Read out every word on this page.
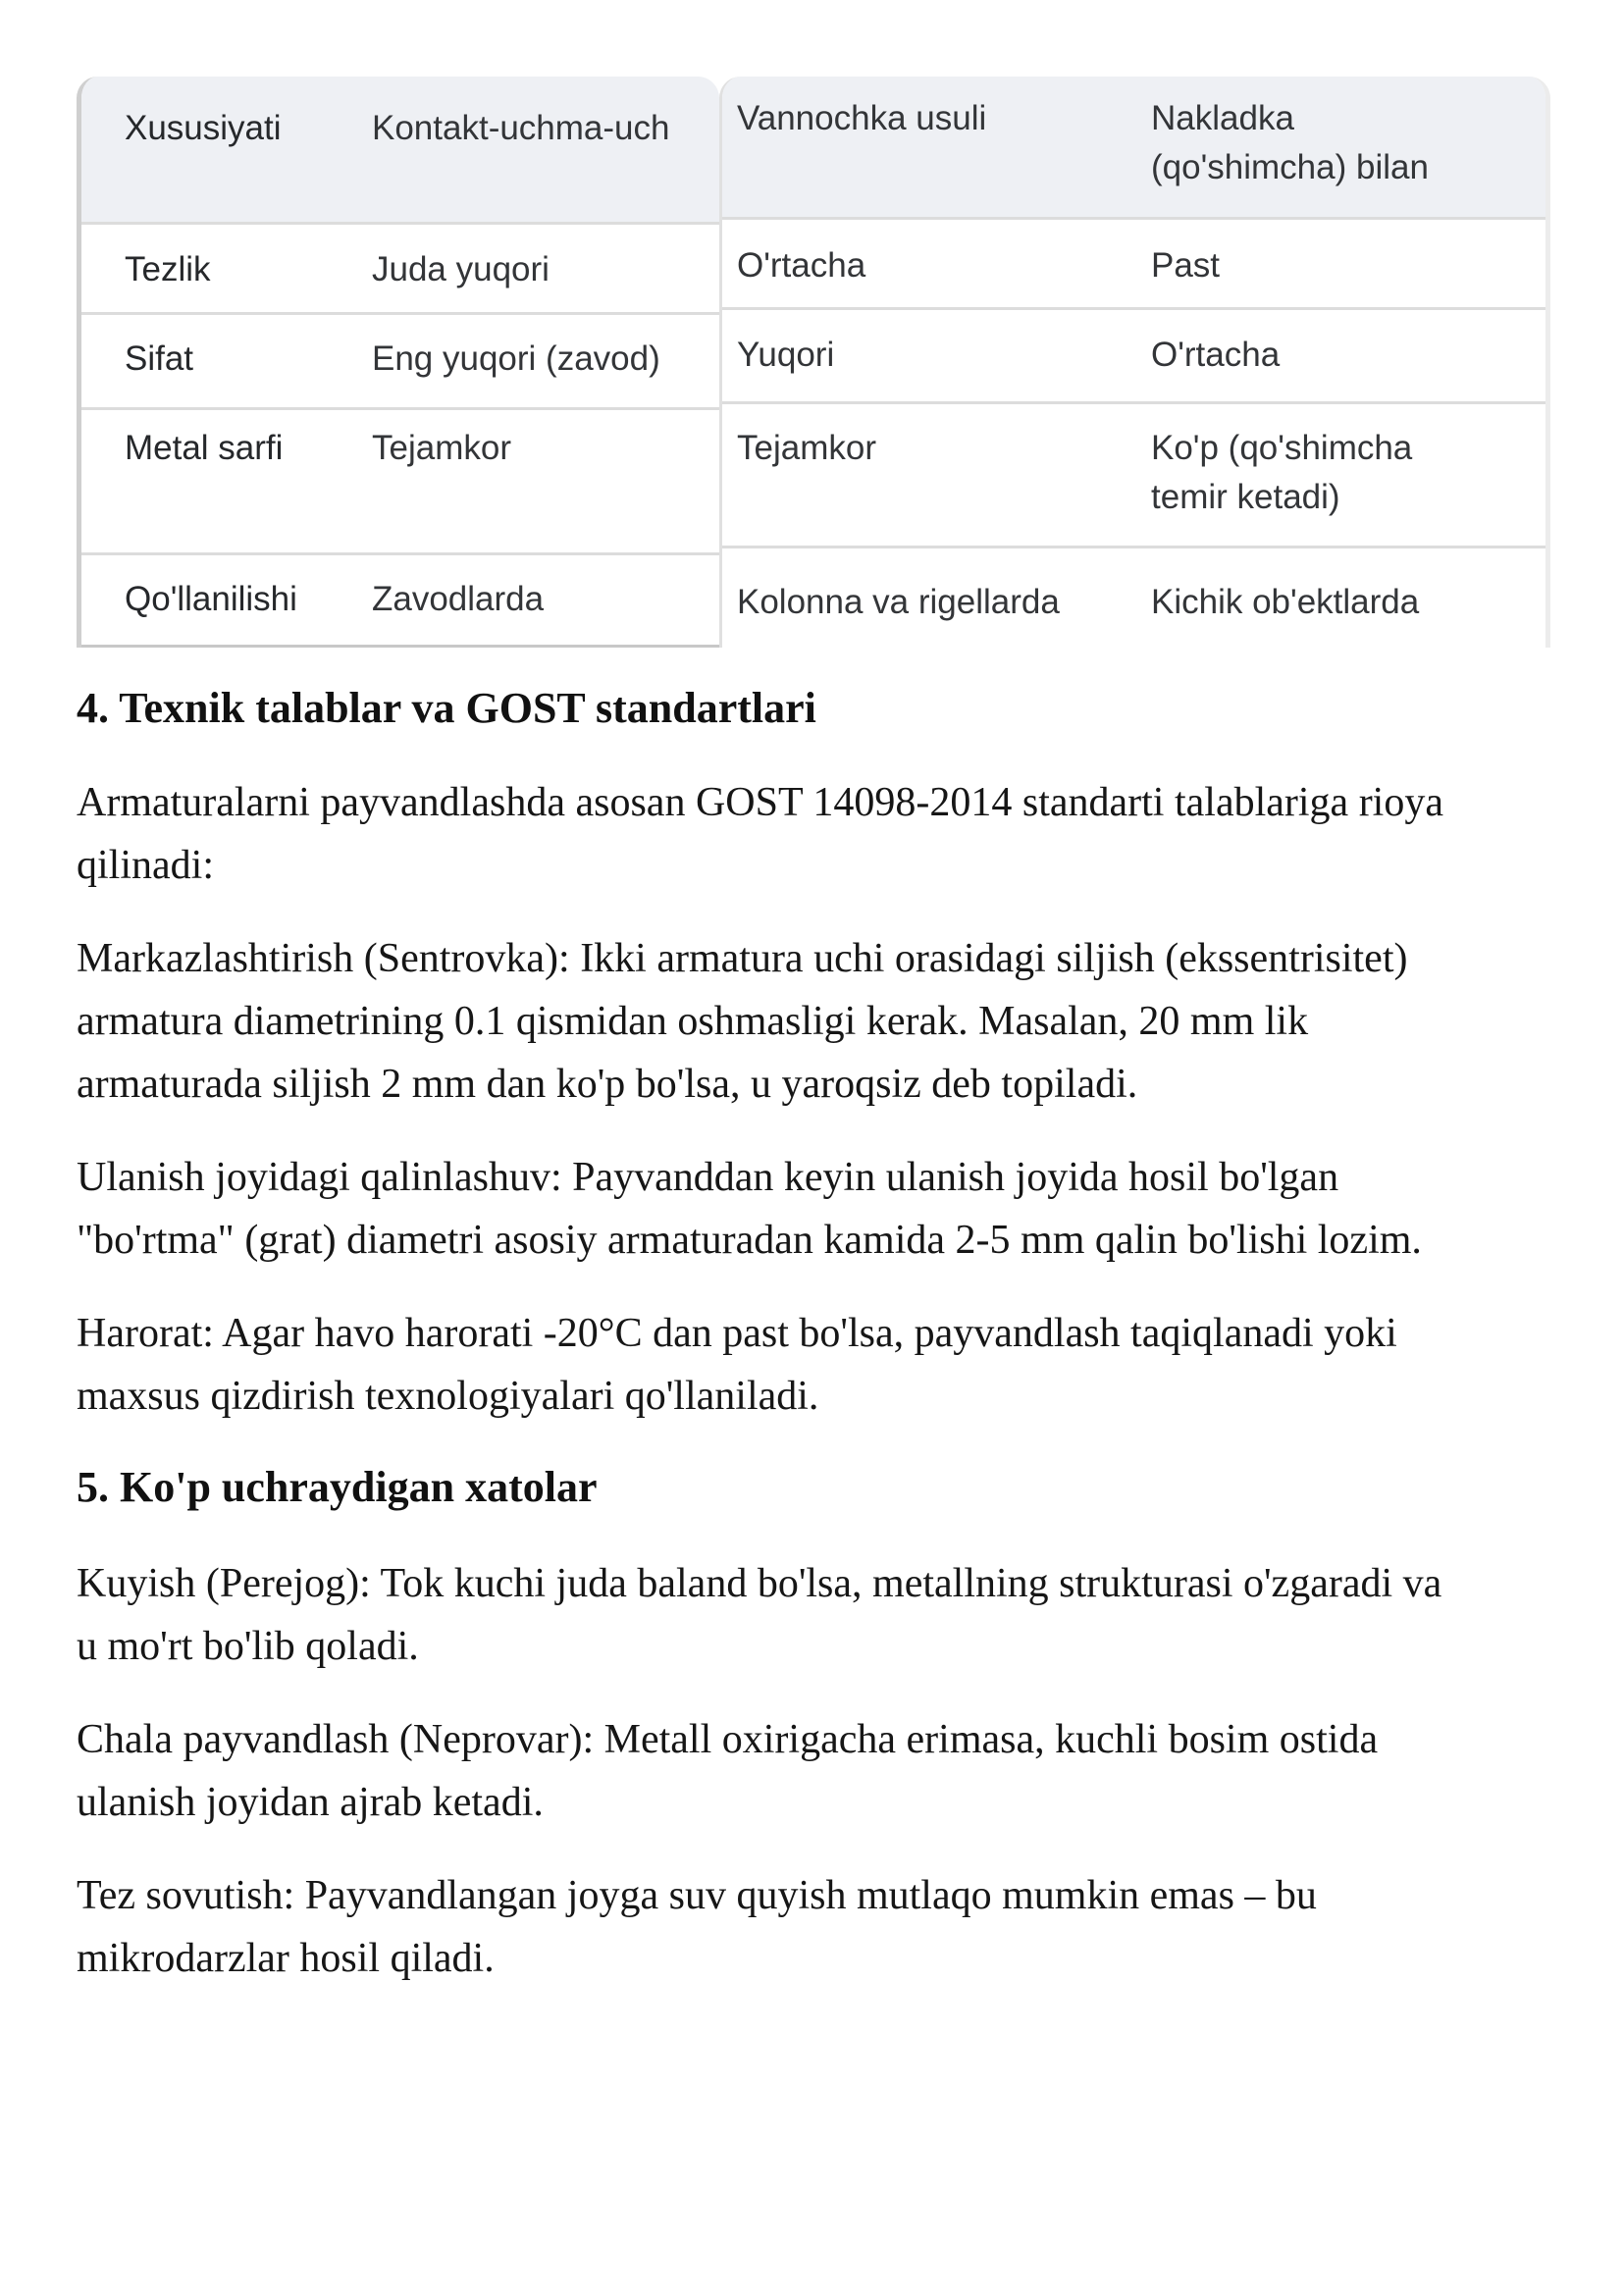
Xususiyati	Kontakt-uchma-uch
Tezlik	Juda yuqori
Sifat	Eng yuqori (zavod)
Metal sarfi	Tejamkor
Qo'llanilishi Zavodlarda
Vannochka usuli	Nakladka
(qo'shimcha) bilan
O'rtacha	Past
Yuqori	O'rtacha
Tejamkor	Ko'p (qo'shimcha
temir ketadi)
Kolonna va rigellarda	Kichik ob'ektlarda
4. Texnik talablar va GOST standartlari
Armaturalarni payvandlashda asosan GOST 14098-2014 standarti talablariga rioya
qilinadi:
Markazlashtirish (Sentrovka): Ikki armatura uchi orasidagi siljish (ekssentrisitet)
armatura diametrining 0.1 qismidan oshmasligi kerak. Masalan, 20 mm lik
armaturada siljish 2 mm dan ko'p bo'lsa, u yaroqsiz deb topiladi.
Ulanish joyidagi qalinlashuv: Payvanddan keyin ulanish joyida hosil bo'lgan
"bo'rtma" (grat) diametri asosiy armaturadan kamida 2-5 mm qalin bo'lishi lozim.
Harorat: Agar havo harorati -20°C dan past bo'lsa, payvandlash taqiqlanadi yoki
maxsus qizdirish texnologiyalari qo'llaniladi.
5. Ko'p uchraydigan xatolar
Kuyish (Perejog): Tok kuchi juda baland bo'lsa, metallning strukturasi o'zgaradi va
u mo'rt bo'lib qoladi.
Chala payvandlash (Neprovar): Metall oxirigacha erimasa, kuchli bosim ostida
ulanish joyidan ajrab ketadi.
Tez sovutish: Payvandlangan joyga suv quyish mutlaqo mumkin emas – bu
mikrodarzlar hosil qiladi.
